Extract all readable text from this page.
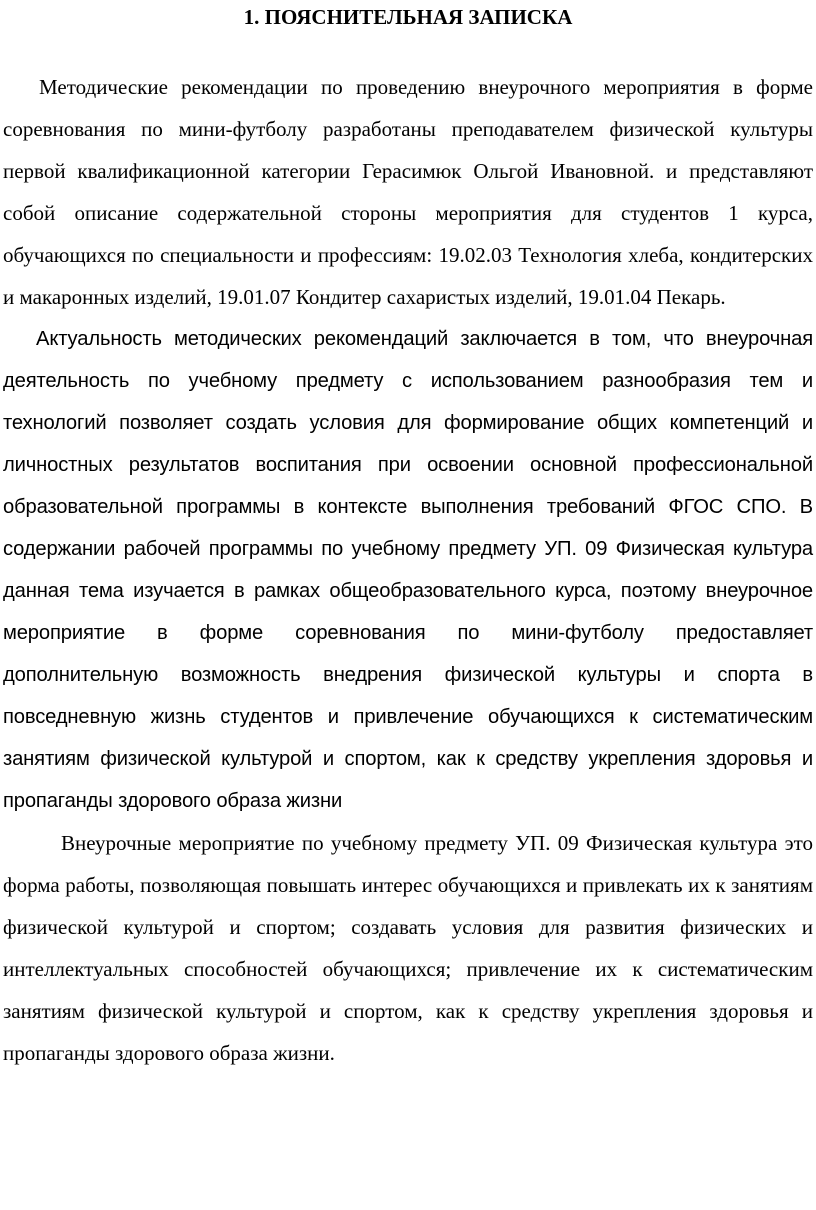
1. ПОЯСНИТЕЛЬНАЯ ЗАПИСКА

Методические рекомендации по проведению внеурочного мероприятия в форме соревнования по мини-футболу разработаны преподавателем физической культуры первой квалификационной категории Герасимюк Ольгой Ивановной. и представляют собой описание содержательной стороны мероприятия для студентов 1 курса, обучающихся по специальности и профессиям: 19.02.03 Технология хлеба, кондитерских и макаронных изделий, 19.01.07 Кондитер сахаристых изделий, 19.01.04 Пекарь.

Актуальность методических рекомендаций заключается в том, что внеурочная деятельность по учебному предмету с использованием разнообразия тем и технологий позволяет создать условия для формирование общих компетенций и личностных результатов воспитания при освоении основной профессиональной образовательной программы в контексте выполнения требований ФГОС СПО. В содержании рабочей программы по учебному предмету УП. 09 Физическая культура данная тема изучается в рамках общеобразовательного курса, поэтому внеурочное мероприятие в форме соревнования по мини-футболу предоставляет дополнительную возможность внедрения физической культуры и спорта в повседневную жизнь студентов и привлечение обучающихся к систематическим занятиям физической культурой и спортом, как к средству укрепления здоровья и пропаганды здорового образа жизни

Внеурочные мероприятие по учебному предмету УП. 09 Физическая культура это форма работы, позволяющая повышать интерес обучающихся и привлекать их к занятиям физической культурой и спортом; создавать условия для развития физических и интеллектуальных способностей обучающихся; привлечение их к систематическим занятиям физической культурой и спортом, как к средству укрепления здоровья и пропаганды здорового образа жизни.
